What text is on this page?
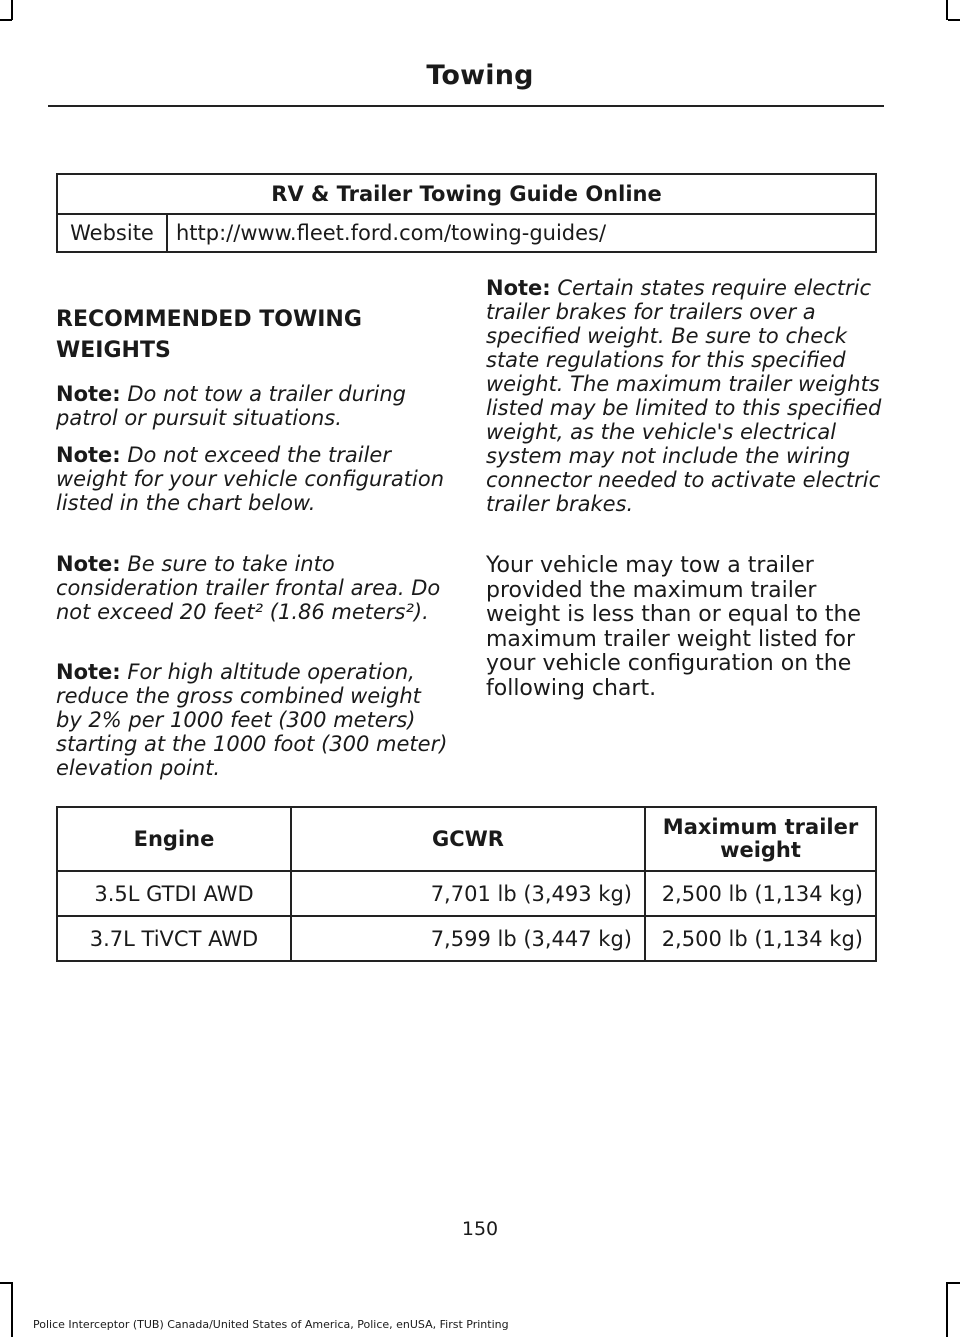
Towing
RV & Trailer Towing Guide Online
Website	http://www.fleet.ford.com/towing-guides/
RECOMMENDED TOWING
WEIGHTS
Note: Do not tow a trailer during patrol or pursuit situations.
Note: Do not exceed the trailer weight for your vehicle configuration listed in the chart below.
Note: Be sure to take into consideration trailer frontal area. Do not exceed 20 feet² (1.86 meters²).
Note: For high altitude operation, reduce the gross combined weight by 2% per 1000 feet (300 meters) starting at the 1000 foot (300 meter) elevation point.
Note: Certain states require electric trailer brakes for trailers over a specified weight. Be sure to check state regulations for this specified weight. The maximum trailer weights listed may be limited to this specified weight, as the vehicle's electrical system may not include the wiring connector needed to activate electric trailer brakes.
Your vehicle may tow a trailer provided the maximum trailer weight is less than or equal to the maximum trailer weight listed for your vehicle configuration on the following chart.
Engine	GCWR	Maximum trailer weight
3.5L GTDI AWD	7,701 lb (3,493 kg)	2,500 lb (1,134 kg)
3.7L TiVCT AWD	7,599 lb (3,447 kg)	2,500 lb (1,134 kg)
150
Police Interceptor (TUB) Canada/United States of America, Police, enUSA, First Printing
